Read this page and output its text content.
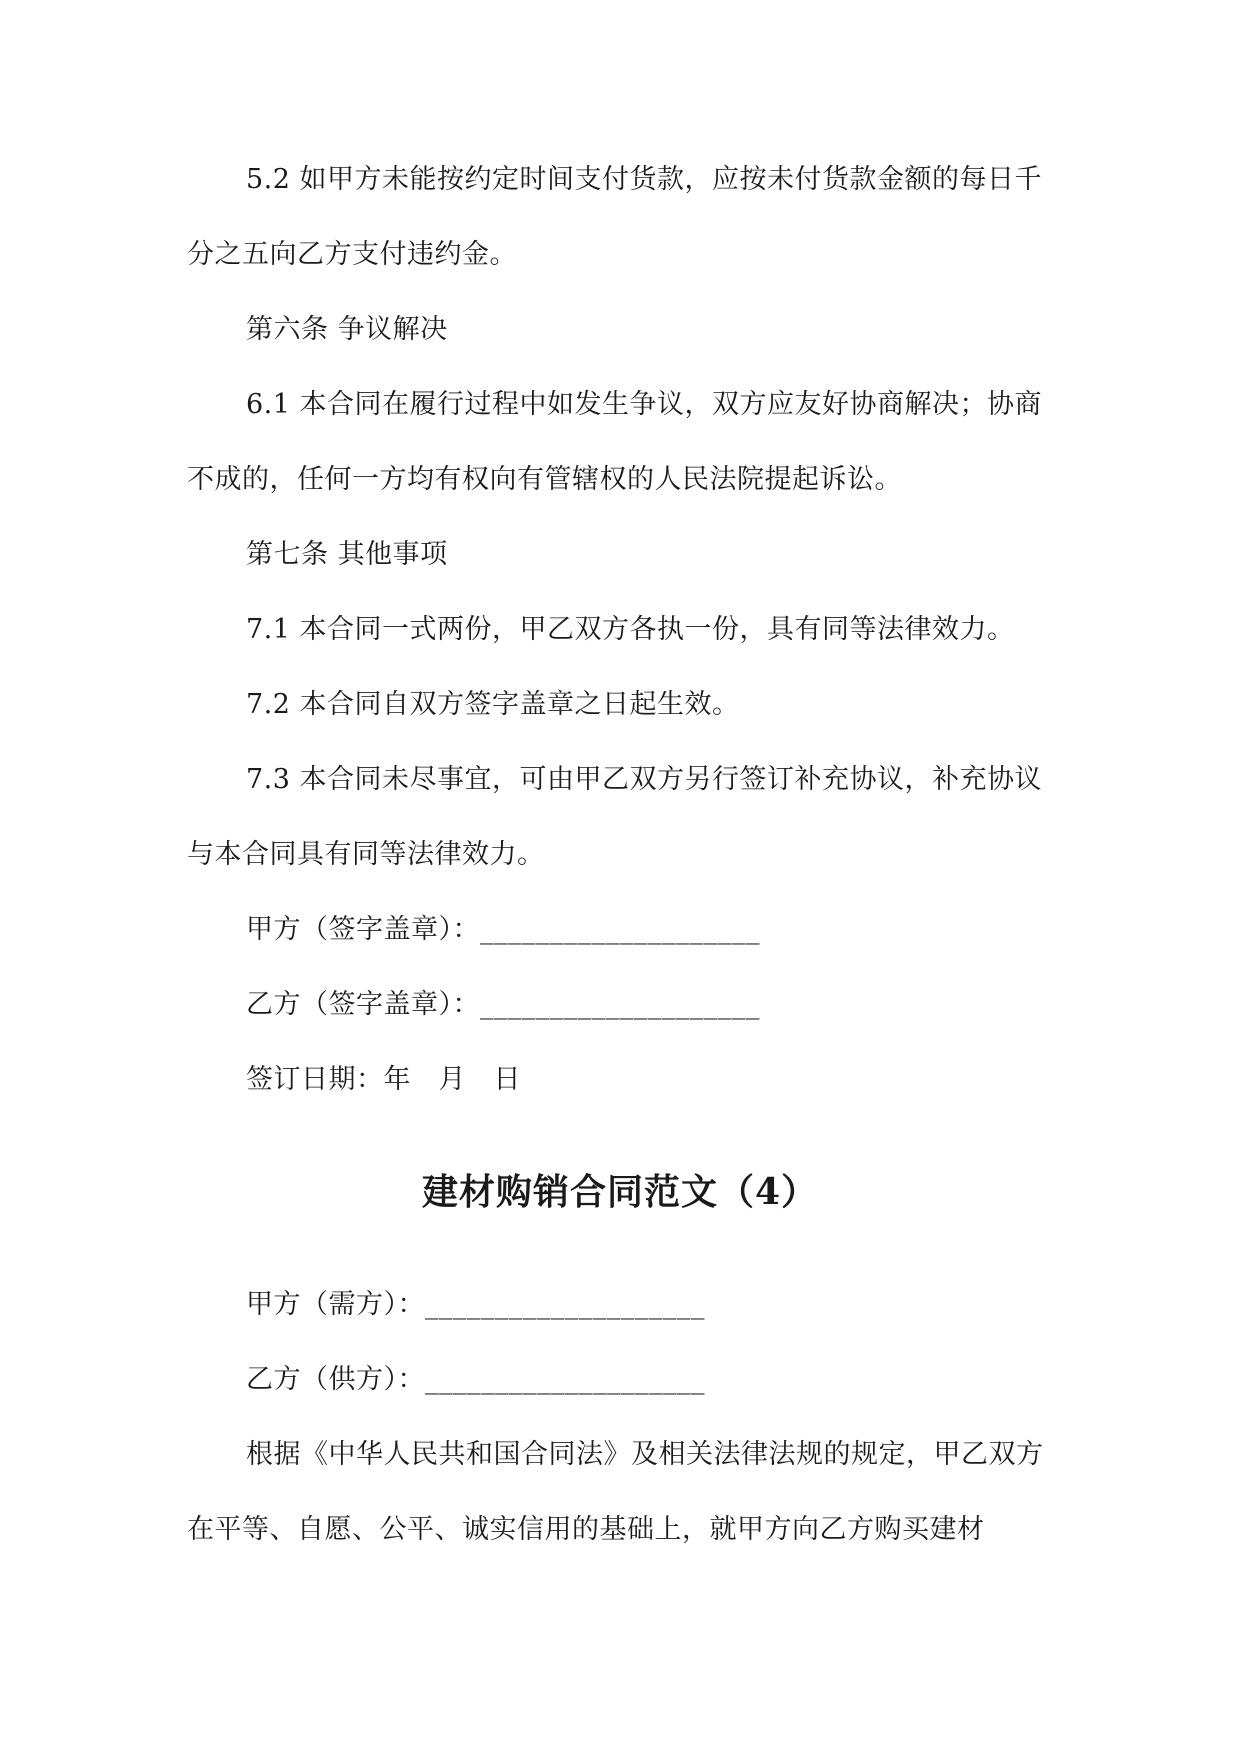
5.2 如甲方未能按约定时间支付货款，应按未付货款金额的每日千分之五向乙方支付违约金。

第六条 争议解决

6.1 本合同在履行过程中如发生争议，双方应友好协商解决；协商不成的，任何一方均有权向有管辖权的人民法院提起诉讼。

第七条 其他事项

7.1 本合同一式两份，甲乙双方各执一份，具有同等法律效力。

7.2 本合同自双方签字盖章之日起生效。

7.3 本合同未尽事宜，可由甲乙双方另行签订补充协议，补充协议与本合同具有同等法律效力。

甲方（签字盖章）：____________________

乙方（签字盖章）：____________________

签订日期：年　月　日

建材购销合同范文（4）

甲方（需方）：____________________

乙方（供方）：____________________

根据《中华人民共和国合同法》及相关法律法规的规定，甲乙双方在平等、自愿、公平、诚实信用的基础上，就甲方向乙方购买建材
